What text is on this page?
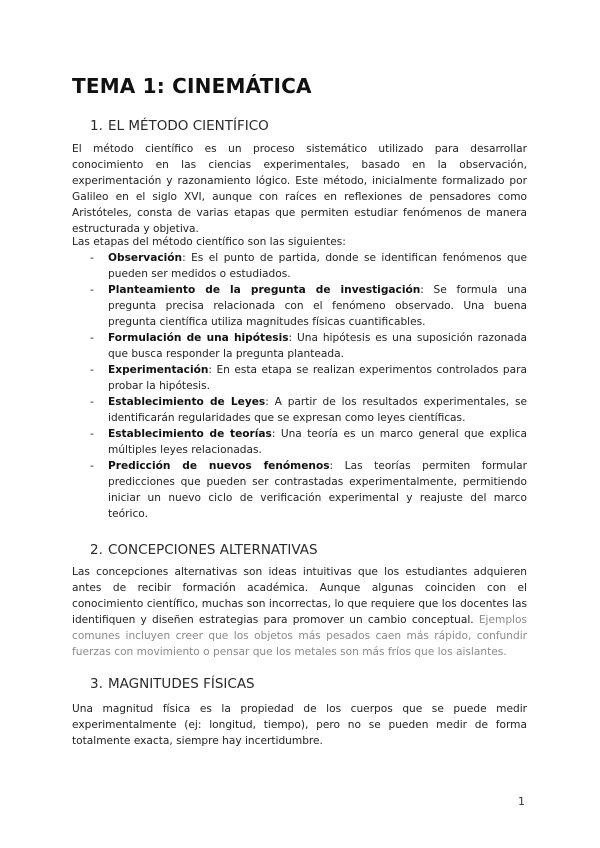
TEMA 1: CINEMÁTICA
1. EL MÉTODO CIENTÍFICO

El método científico es un proceso sistemático utilizado para desarrollar conocimiento en las ciencias experimentales, basado en la observación, experimentación y razonamiento lógico. Este método, inicialmente formalizado por Galileo en el siglo XVI, aunque con raíces en reflexiones de pensadores como Aristóteles, consta de varias etapas que permiten estudiar fenómenos de manera estructurada y objetiva.

Las etapas del método científico son las siguientes:

- Observación: Es el punto de partida, donde se identifican fenómenos que pueden ser medidos o estudiados.
- Planteamiento de la pregunta de investigación: Se formula una pregunta precisa relacionada con el fenómeno observado. Una buena pregunta científica utiliza magnitudes físicas cuantificables.
- Formulación de una hipótesis: Una hipótesis es una suposición razonada que busca responder la pregunta planteada.
- Experimentación: En esta etapa se realizan experimentos controlados para probar la hipótesis.
- Establecimiento de Leyes: A partir de los resultados experimentales, se identificarán regularidades que se expresan como leyes científicas.
- Establecimiento de teorías: Una teoría es un marco general que explica múltiples leyes relacionadas.
- Predicción de nuevos fenómenos: Las teorías permiten formular predicciones que pueden ser contrastadas experimentalmente, permitiendo iniciar un nuevo ciclo de verificación experimental y reajuste del marco teórico.
2. CONCEPCIONES ALTERNATIVAS

Las concepciones alternativas son ideas intuitivas que los estudiantes adquieren antes de recibir formación académica. Aunque algunas coinciden con el conocimiento científico, muchas son incorrectas, lo que requiere que los docentes las identifiquen y diseñen estrategias para promover un cambio conceptual. Ejemplos comunes incluyen creer que los objetos más pesados caen más rápido, confundir fuerzas con movimiento o pensar que los metales son más fríos que los aislantes.

3. MAGNITUDES FÍSICAS

Una magnitud física es la propiedad de los cuerpos que se puede medir experimentalmente (ej: longitud, tiempo), pero no se pueden medir de forma totalmente exacta, siempre hay incertidumbre.

1
